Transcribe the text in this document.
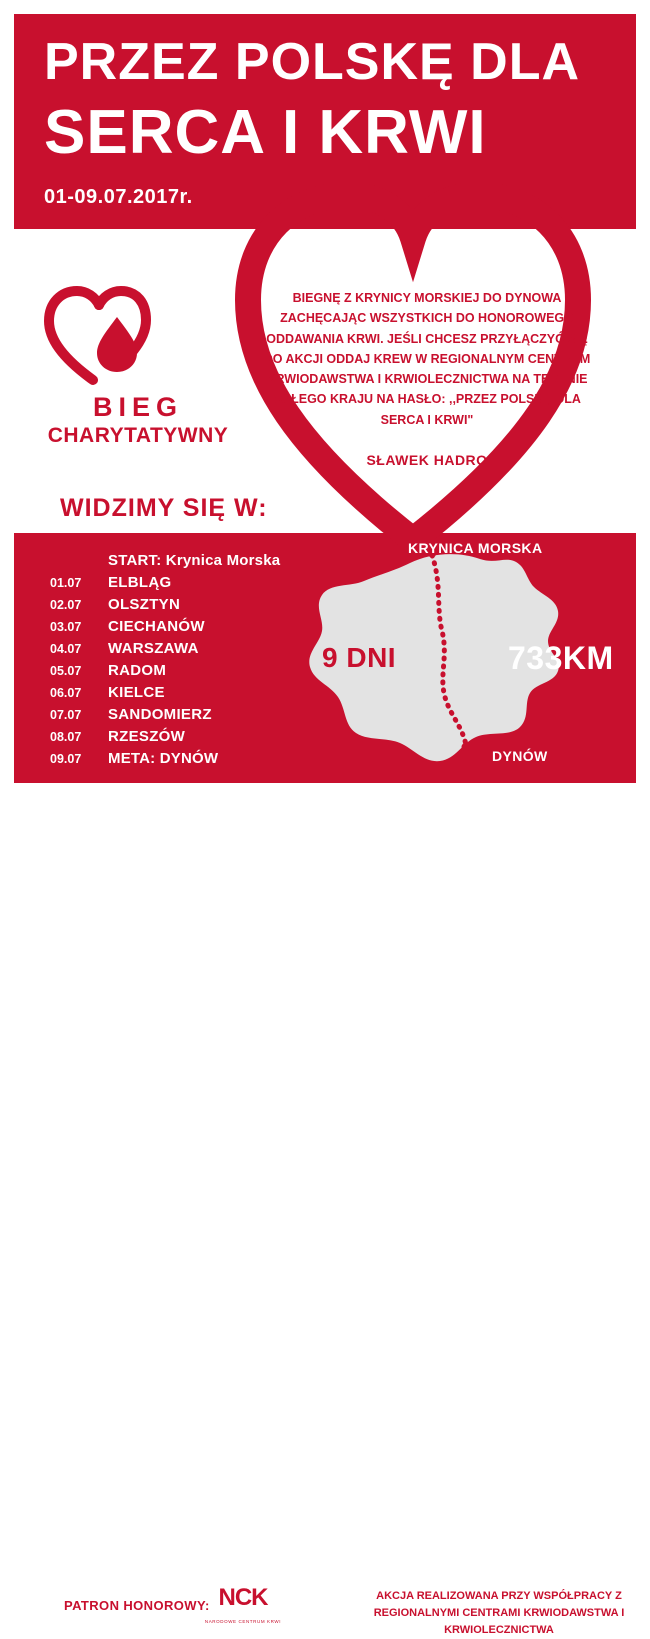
PRZEZ POLSKĘ DLA
SERCA I KRWI
01-09.07.2017r.
BIEG
CHARYTATYWNY
BIEGNĘ Z KRYNICY MORSKIEJ DO DYNOWA ZACHĘCAJĄC WSZYSTKICH DO HONOROWEGO ODDAWANIA KRWI. JEŚLI CHCESZ PRZYŁĄCZYĆ SIĘ DO AKCJI ODDAJ KREW W REGIONALNYM CENTRUM KRWIODAWSTWA I KRWIOLECZNICTWA NA TERENIE CAŁEGO KRAJU NA HASŁO: ,,PRZEZ POLSKĘ DLA SERCA I KRWI"
SŁAWEK HADRO
WIDZIMY SIĘ W:
KRYNICA MORSKA
DYNÓW
9 DNI	733KM
START: Krynica Morska
01.07	ELBLĄG
02.07	OLSZTYN
03.07	CIECHANÓW
04.07	WARSZAWA
05.07	RADOM
06.07	KIELCE
07.07	SANDOMIERZ
08.07	RZESZÓW
09.07	META: DYNÓW
PATRON HONOROWY: NCK
NARODOWE CENTRUM KRWI
AKCJA REALIZOWANA PRZY WSPÓŁPRACY Z REGIONALNYMI CENTRAMI KRWIODAWSTWA I KRWIOLECZNICTWA
